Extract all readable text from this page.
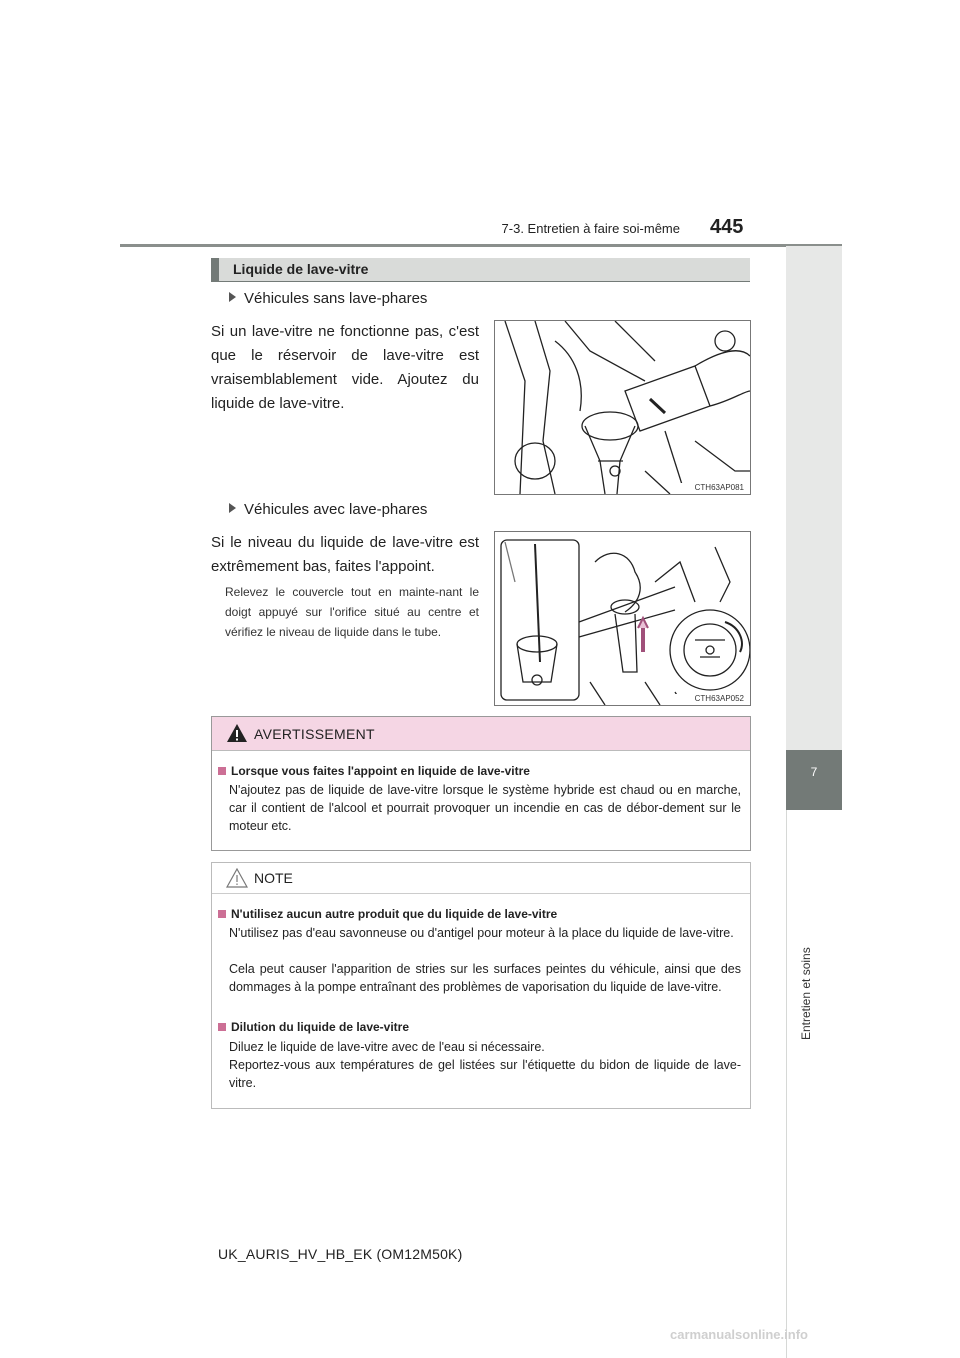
7-3. Entretien à faire soi-même 445
7
Entretien et soins
Liquide de lave-vitre
Véhicules sans lave-phares
Si un lave-vitre ne fonctionne pas, c'est que le réservoir de lave-vitre est vraisemblablement vide. Ajoutez du liquide de lave-vitre.
CTH63AP081
Véhicules avec lave-phares
Si le niveau du liquide de lave-vitre est extrêmement bas, faites l'appoint.
Relevez le couvercle tout en mainte-nant le doigt appuyé sur l'orifice situé au centre et vérifiez le niveau de liquide dans le tube.
CTH63AP052
AVERTISSEMENT
Lorsque vous faites l'appoint en liquide de lave-vitre
N'ajoutez pas de liquide de lave-vitre lorsque le système hybride est chaud ou en marche, car il contient de l'alcool et pourrait provoquer un incendie en cas de débor-dement sur le moteur etc.
NOTE
N'utilisez aucun autre produit que du liquide de lave-vitre
N'utilisez pas d'eau savonneuse ou d'antigel pour moteur à la place du liquide de lave-vitre.
Cela peut causer l'apparition de stries sur les surfaces peintes du véhicule, ainsi que des dommages à la pompe entraînant des problèmes de vaporisation du liquide de lave-vitre.
Dilution du liquide de lave-vitre
Diluez le liquide de lave-vitre avec de l'eau si nécessaire.
Reportez-vous aux températures de gel listées sur l'étiquette du bidon de liquide de lave-vitre.
UK_AURIS_HV_HB_EK (OM12M50K)
carmanualsonline.info
